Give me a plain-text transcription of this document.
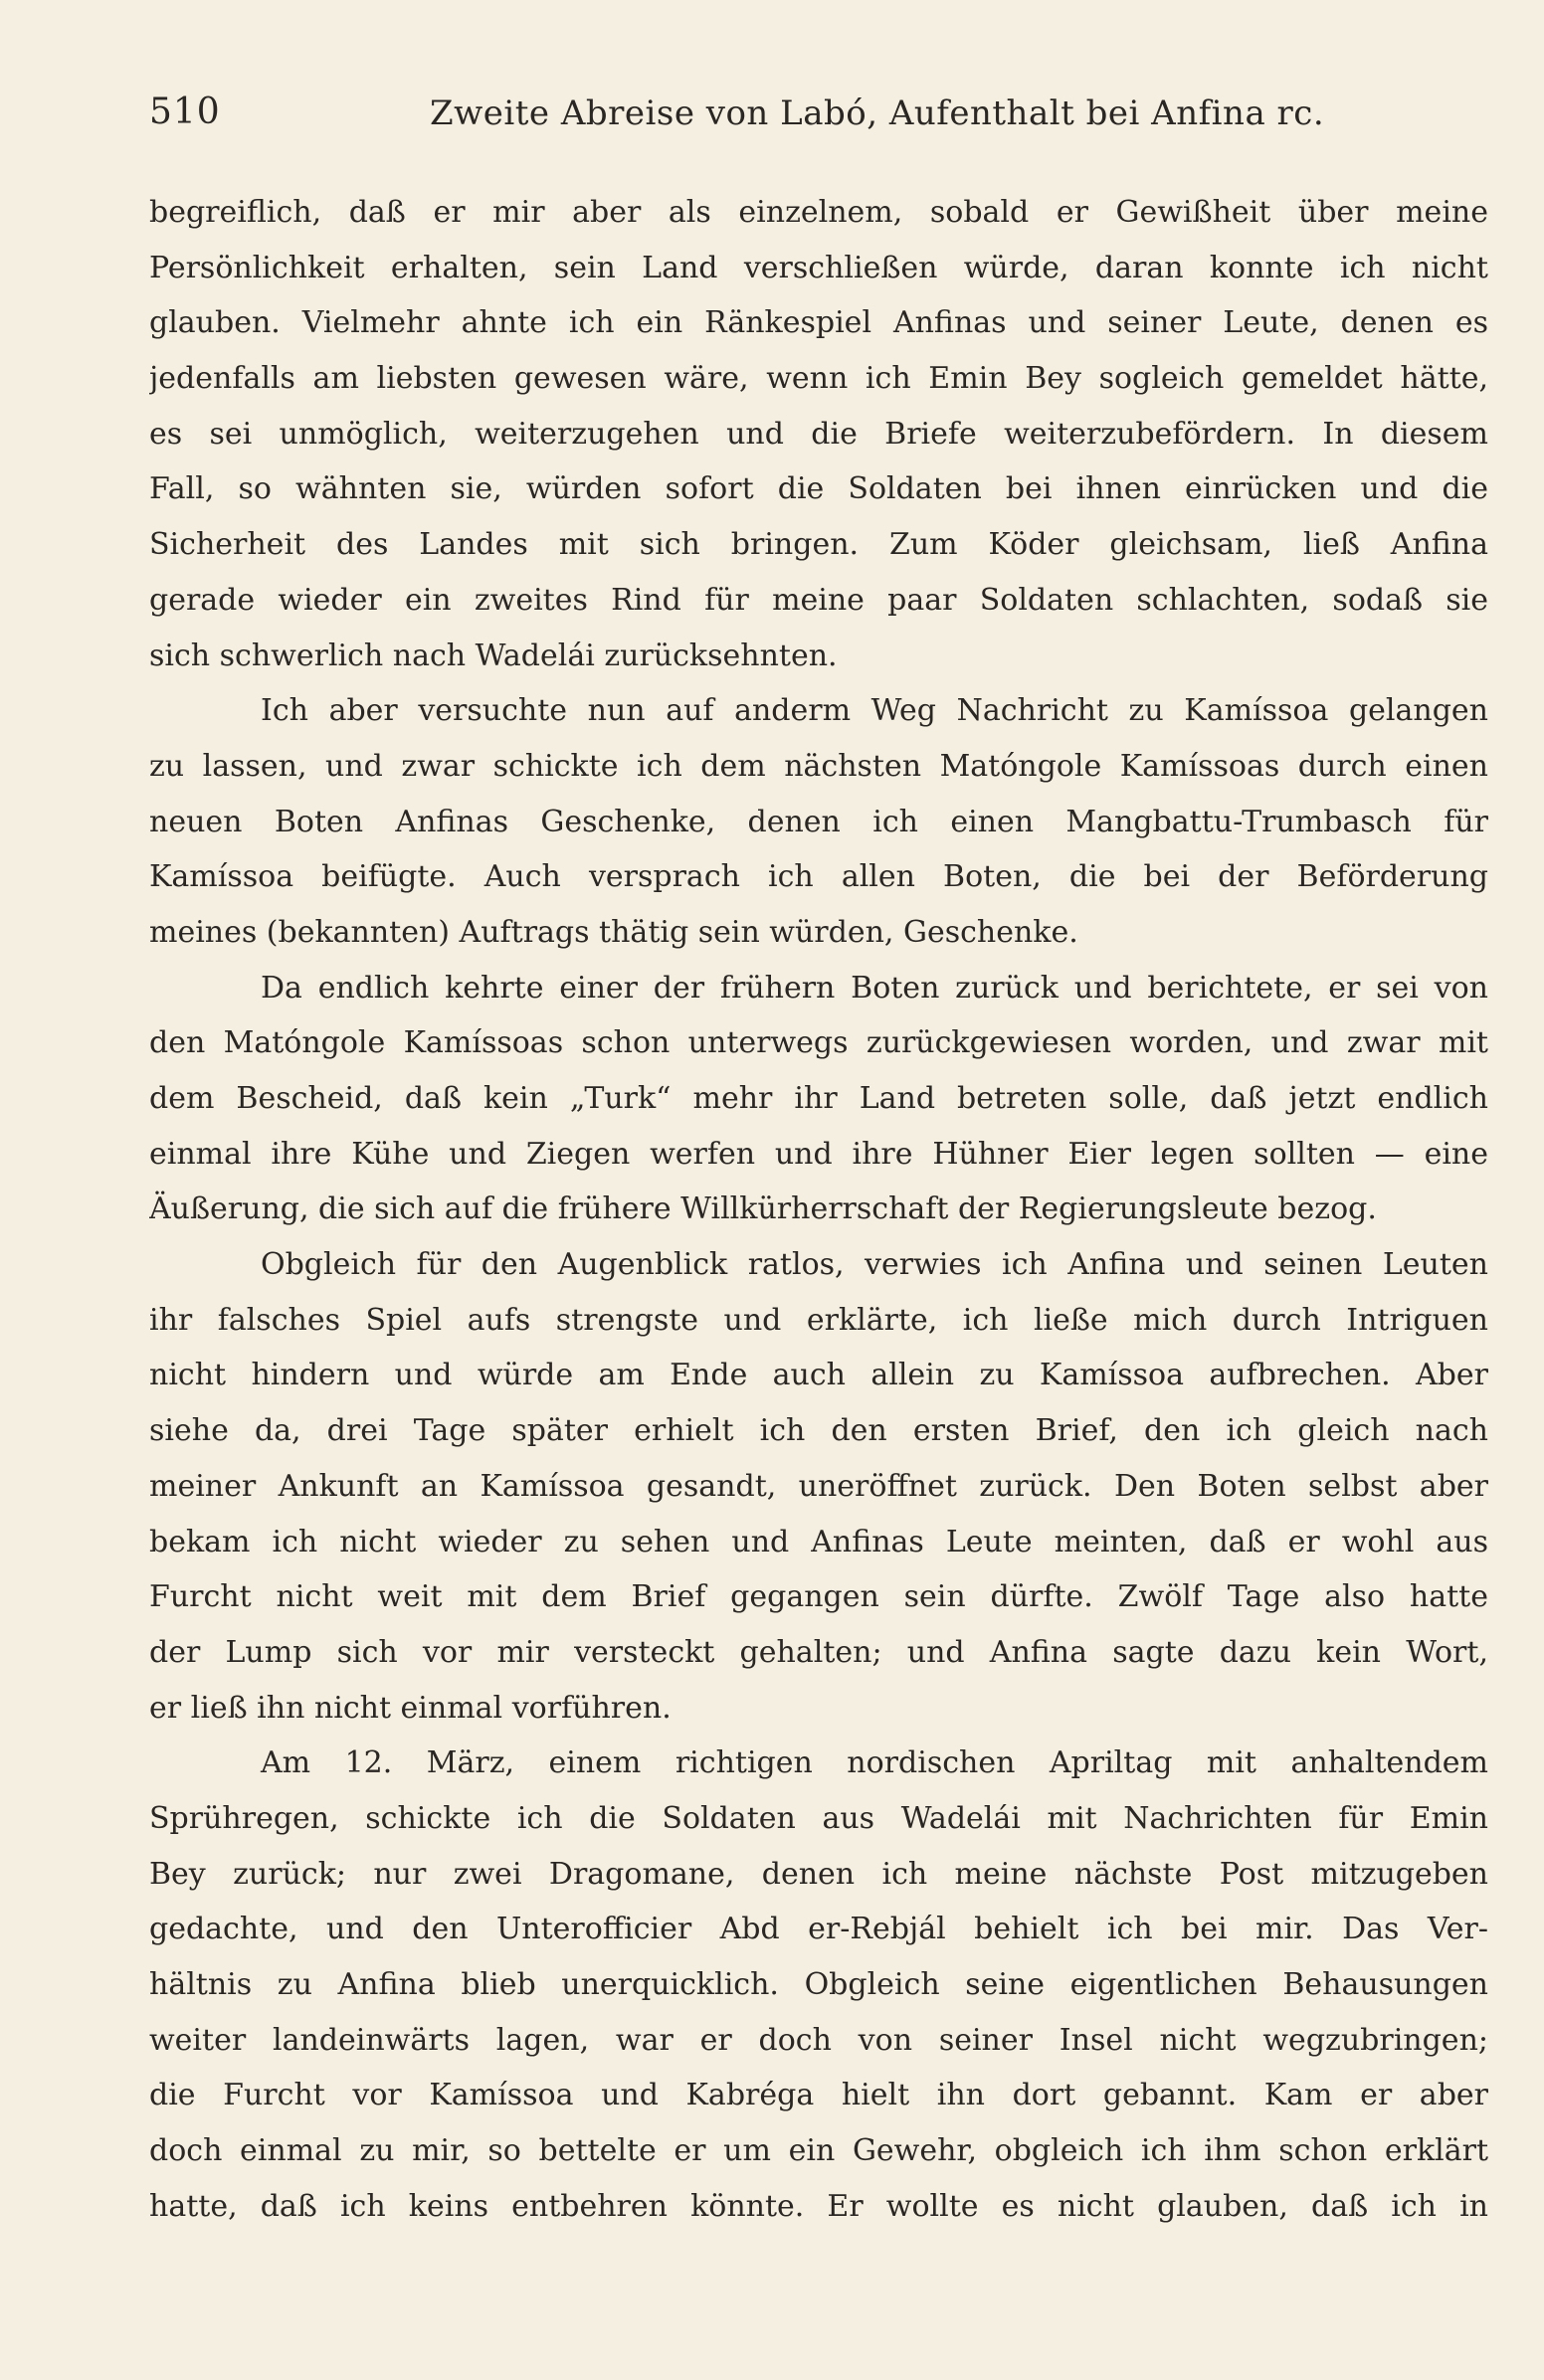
510	Zweite Abreise von Labó, Aufenthalt bei Anfina rc.
begreiflich, daß er mir aber als einzelnem, sobald er Gewißheit über meine
Persönlichkeit erhalten, sein Land verschließen würde, daran konnte ich nicht
glauben. Vielmehr ahnte ich ein Ränkespiel Anfinas und seiner Leute, denen es
jedenfalls am liebsten gewesen wäre, wenn ich Emin Bey sogleich gemeldet hätte,
es sei unmöglich, weiterzugehen und die Briefe weiterzubefördern. In diesem
Fall, so wähnten sie, würden sofort die Soldaten bei ihnen einrücken und die
Sicherheit des Landes mit sich bringen. Zum Köder gleichsam, ließ Anfina
gerade wieder ein zweites Rind für meine paar Soldaten schlachten, sodaß sie
sich schwerlich nach Wadelái zurücksehnten.
Ich aber versuchte nun auf anderm Weg Nachricht zu Kamíssoa gelangen
zu lassen, und zwar schickte ich dem nächsten Matóngole Kamíssoas durch einen
neuen Boten Anfinas Geschenke, denen ich einen Mangbattu-Trumbasch für
Kamíssoa beifügte. Auch versprach ich allen Boten, die bei der Beförderung
meines (bekannten) Auftrags thätig sein würden, Geschenke.
Da endlich kehrte einer der frühern Boten zurück und berichtete, er sei von
den Matóngole Kamíssoas schon unterwegs zurückgewiesen worden, und zwar mit
dem Bescheid, daß kein „Turk“ mehr ihr Land betreten solle, daß jetzt endlich
einmal ihre Kühe und Ziegen werfen und ihre Hühner Eier legen sollten — eine
Äußerung, die sich auf die frühere Willkürherrschaft der Regierungsleute bezog.
Obgleich für den Augenblick ratlos, verwies ich Anfina und seinen Leuten
ihr falsches Spiel aufs strengste und erklärte, ich ließe mich durch Intriguen
nicht hindern und würde am Ende auch allein zu Kamíssoa aufbrechen. Aber
siehe da, drei Tage später erhielt ich den ersten Brief, den ich gleich nach
meiner Ankunft an Kamíssoa gesandt, uneröffnet zurück. Den Boten selbst aber
bekam ich nicht wieder zu sehen und Anfinas Leute meinten, daß er wohl aus
Furcht nicht weit mit dem Brief gegangen sein dürfte. Zwölf Tage also hatte
der Lump sich vor mir versteckt gehalten; und Anfina sagte dazu kein Wort,
er ließ ihn nicht einmal vorführen.
Am 12. März, einem richtigen nordischen Apriltag mit anhaltendem
Sprühregen, schickte ich die Soldaten aus Wadelái mit Nachrichten für Emin
Bey zurück; nur zwei Dragomane, denen ich meine nächste Post mitzugeben
gedachte, und den Unterofficier Abd er-Rebjál behielt ich bei mir. Das Ver-
hältnis zu Anfina blieb unerquicklich. Obgleich seine eigentlichen Behausungen
weiter landeinwärts lagen, war er doch von seiner Insel nicht wegzubringen;
die Furcht vor Kamíssoa und Kabréga hielt ihn dort gebannt. Kam er aber
doch einmal zu mir, so bettelte er um ein Gewehr, obgleich ich ihm schon erklärt
hatte, daß ich keins entbehren könnte. Er wollte es nicht glauben, daß ich in
